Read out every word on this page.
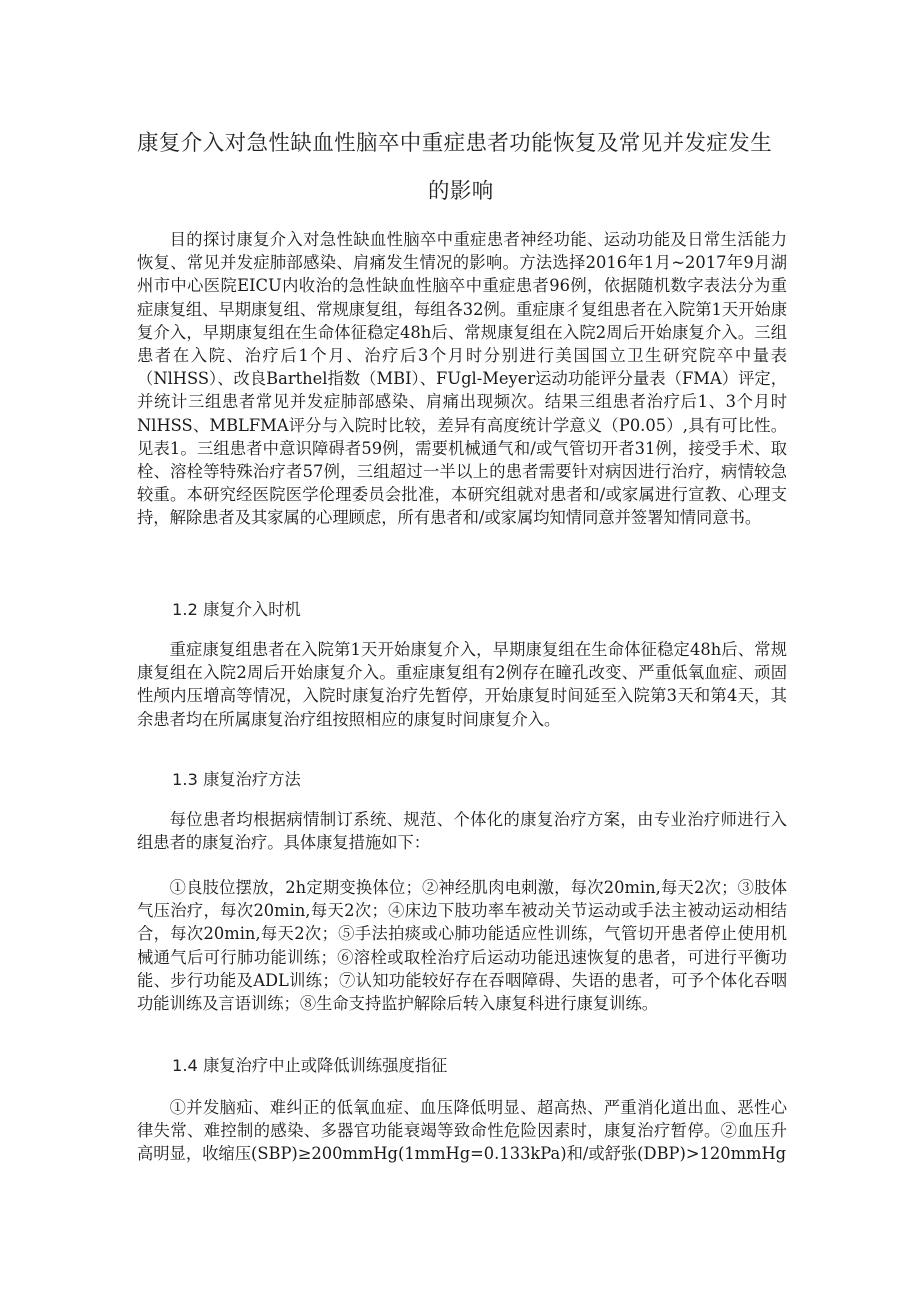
康复介入对急性缺血性脑卒中重症患者功能恢复及常见并发症发生
的影响

目的探讨康复介入对急性缺血性脑卒中重症患者神经功能、运动功能及日常生活能力恢复、常见并发症肺部感染、肩痛发生情况的影响。方法选择2016年1月~2017年9月湖州市中心医院EICU内收治的急性缺血性脑卒中重症患者96例，依据随机数字表法分为重症康复组、早期康复组、常规康复组，每组各32例。重症康彳复组患者在入院第1天开始康复介入，早期康复组在生命体征稳定48h后、常规康复组在入院2周后开始康复介入。三组患者在入院、治疗后1个月、治疗后3个月时分别进行美国国立卫生研究院卒中量表（NlHSS）、改良Barthel指数（MBI）、FUgl-Meyer运动功能评分量表（FMA）评定，并统计三组患者常见并发症肺部感染、肩痛出现频次。结果三组患者治疗后1、3个月时NlHSS、MBLFMA评分与入院时比较，差异有高度统计学意义（P0.05）,具有可比性。见表1。三组患者中意识障碍者59例，需要机械通气和/或气管切开者31例，接受手术、取栓、溶栓等特殊治疗者57例，三组超过一半以上的患者需要针对病因进行治疗，病情较急较重。本研究经医院医学伦理委员会批准，本研究组就对患者和/或家属进行宣教、心理支持，解除患者及其家属的心理顾虑，所有患者和/或家属均知情同意并签署知情同意书。

1.2 康复介入时机

重症康复组患者在入院第1天开始康复介入，早期康复组在生命体征稳定48h后、常规康复组在入院2周后开始康复介入。重症康复组有2例存在瞳孔改变、严重低氧血症、顽固性颅内压增高等情况，入院时康复治疗先暂停，开始康复时间延至入院第3天和第4天，其余患者均在所属康复治疗组按照相应的康复时间康复介入。

1.3 康复治疗方法

每位患者均根据病情制订系统、规范、个体化的康复治疗方案，由专业治疗师进行入组患者的康复治疗。具体康复措施如下：

①良肢位摆放，2h定期变换体位；②神经肌肉电刺激，每次20min,每天2次；③肢体气压治疗，每次20min,每天2次；④床边下肢功率车被动关节运动或手法主被动运动相结合，每次20min,每天2次；⑤手法拍痰或心肺功能适应性训练，气管切开患者停止使用机械通气后可行肺功能训练；⑥溶栓或取栓治疗后运动功能迅速恢复的患者，可进行平衡功能、步行功能及ADL训练；⑦认知功能较好存在吞咽障碍、失语的患者，可予个体化吞咽功能训练及言语训练；⑧生命支持监护解除后转入康复科进行康复训练。

1.4 康复治疗中止或降低训练强度指征

①并发脑疝、难纠正的低氧血症、血压降低明显、超高热、严重消化道出血、恶性心律失常、难控制的感染、多器官功能衰竭等致命性危险因素时，康复治疗暂停。②血压升高明显，收缩压(SBP)≥200mmHg(1mmHg=0.133kPa)和/或舒张(DBP)>120mmHg
